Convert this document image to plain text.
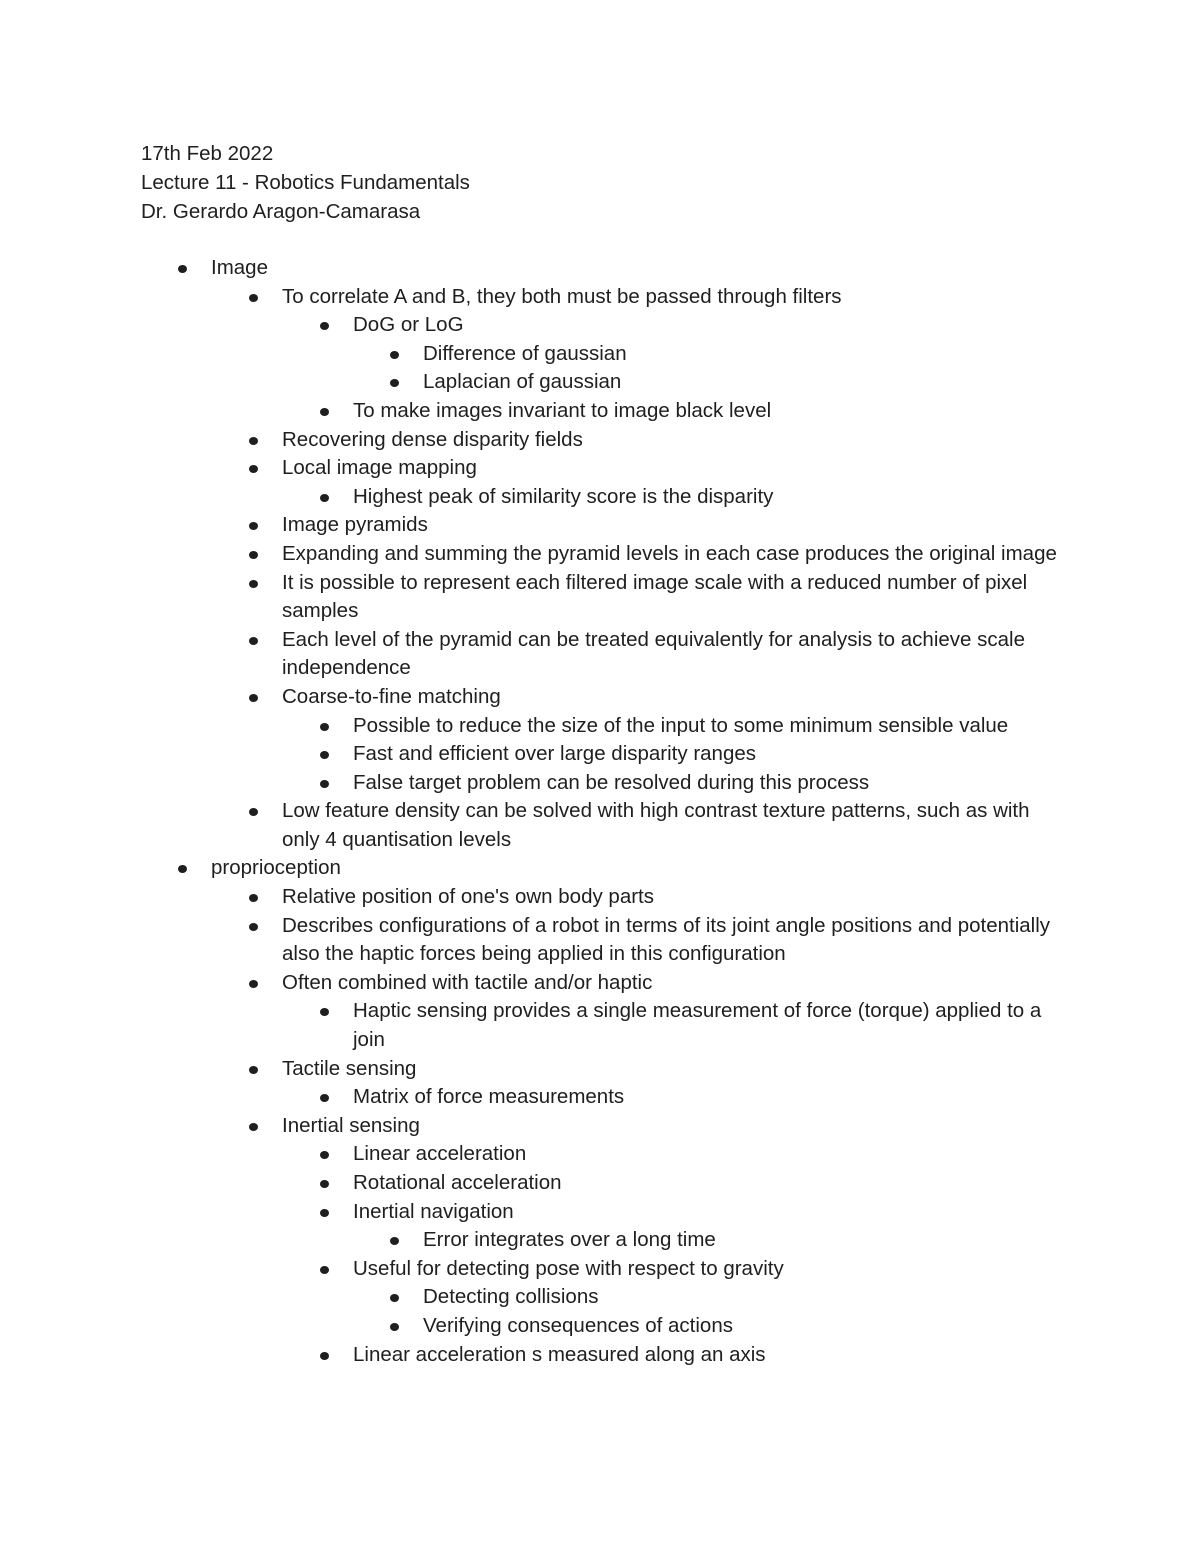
17th Feb 2022
Lecture 11 - Robotics Fundamentals
Dr. Gerardo Aragon-Camarasa
Image
To correlate A and B, they both must be passed through filters
DoG or LoG
Difference of gaussian
Laplacian of gaussian
To make images invariant to image black level
Recovering dense disparity fields
Local image mapping
Highest peak of similarity score is the disparity
Image pyramids
Expanding and summing the pyramid levels in each case produces the original image
It is possible to represent each filtered image scale with a reduced number of pixel samples
Each level of the pyramid can be treated equivalently for analysis to achieve scale independence
Coarse-to-fine matching
Possible to reduce the size of the input to some minimum sensible value
Fast and efficient over large disparity ranges
False target problem can be resolved during this process
Low feature density can be solved with high contrast texture patterns, such as with only 4 quantisation levels
proprioception
Relative position of one's own body parts
Describes configurations of a robot in terms of its joint angle positions and potentially also the haptic forces being applied in this configuration
Often combined with tactile and/or haptic
Haptic sensing provides a single measurement of force (torque) applied to a join
Tactile sensing
Matrix of force measurements
Inertial sensing
Linear acceleration
Rotational acceleration
Inertial navigation
Error integrates over a long time
Useful for detecting pose with respect to gravity
Detecting collisions
Verifying consequences of actions
Linear acceleration s measured along an axis
